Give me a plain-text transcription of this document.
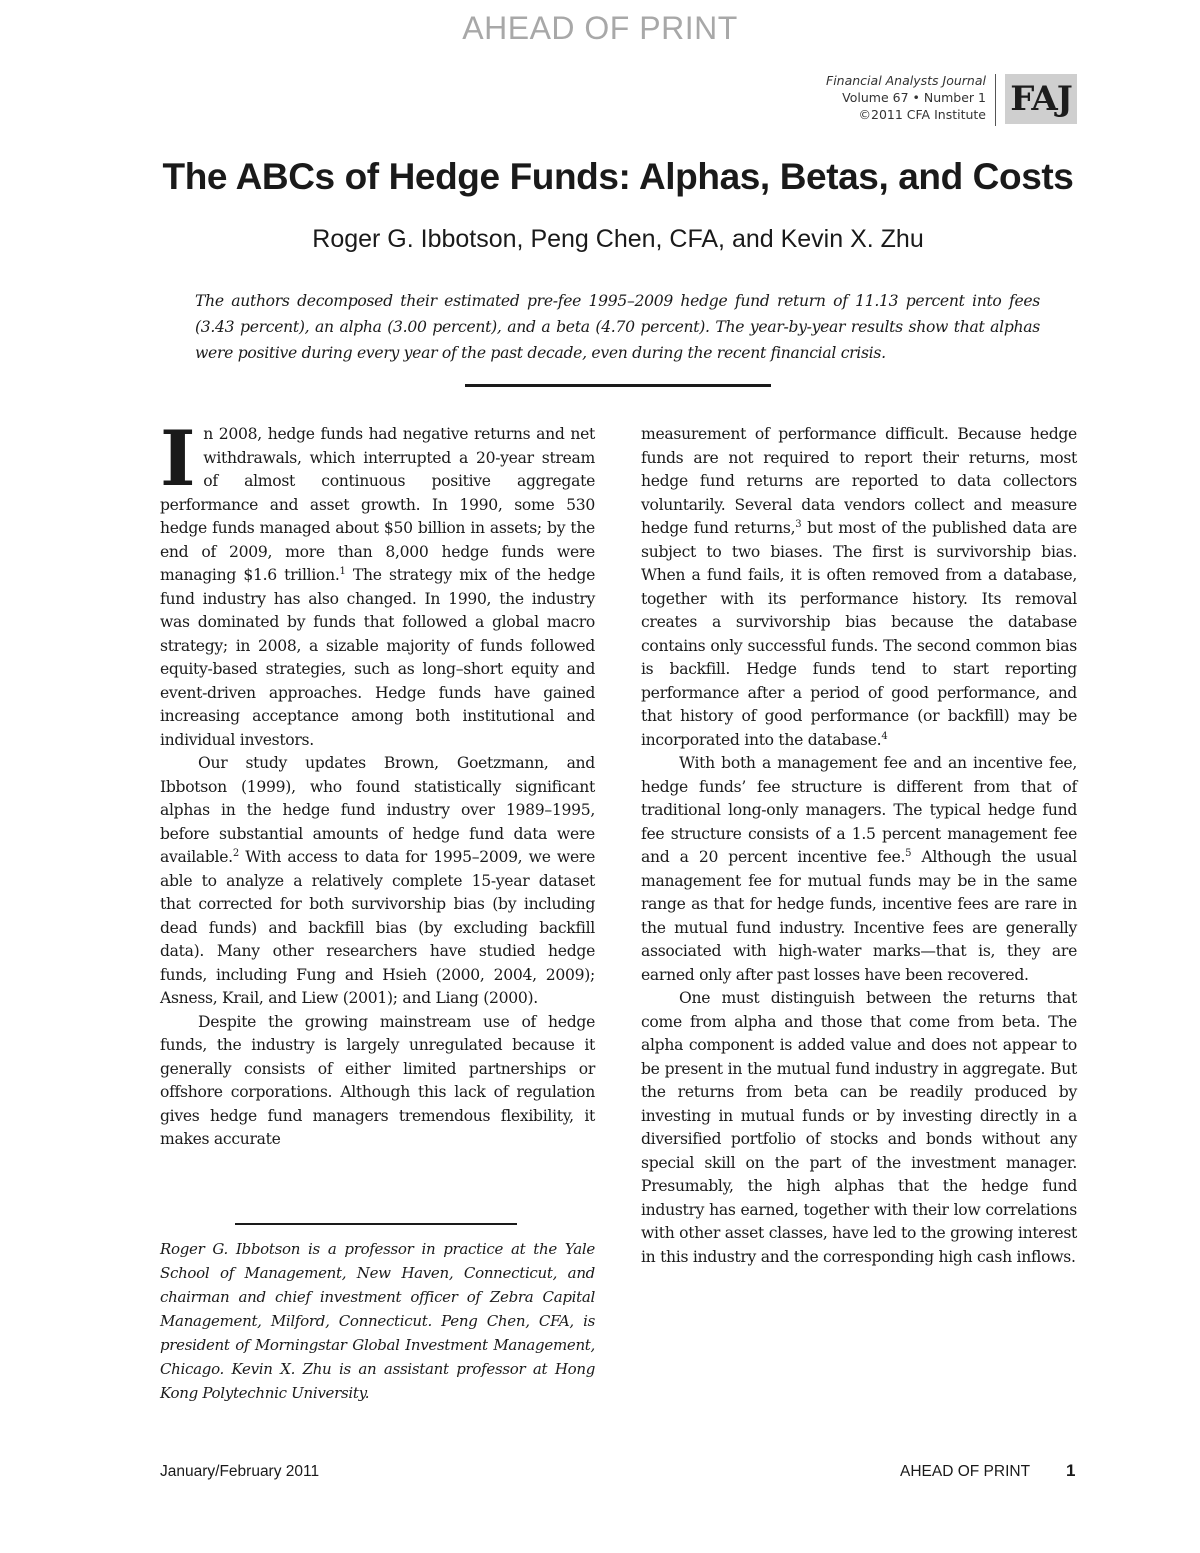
AHEAD OF PRINT
Financial Analysts Journal
Volume 67 • Number 1
©2011 CFA Institute FAJ
The ABCs of Hedge Funds: Alphas, Betas, and Costs
Roger G. Ibbotson, Peng Chen, CFA, and Kevin X. Zhu
The authors decomposed their estimated pre-fee 1995–2009 hedge fund return of 11.13 percent into fees (3.43 percent), an alpha (3.00 percent), and a beta (4.70 percent). The year-by-year results show that alphas were positive during every year of the past decade, even during the recent financial crisis.

In 2008, hedge funds had negative returns and net withdrawals, which interrupted a 20-year stream of almost continuous positive aggregate performance and asset growth. In 1990, some 530 hedge funds managed about $50 billion in assets; by the end of 2009, more than 8,000 hedge funds were managing $1.6 trillion.$^1$ The strategy mix of the hedge fund industry has also changed. In 1990, the industry was dominated by funds that followed a global macro strategy; in 2008, a sizable majority of funds followed equity-based strategies, such as long–short equity and event-driven approaches. Hedge funds have gained increasing acceptance among both institutional and individual investors.

Our study updates Brown, Goetzmann, and Ibbotson (1999), who found statistically significant alphas in the hedge fund industry over 1989–1995, before substantial amounts of hedge fund data were available.$^2$ With access to data for 1995–2009, we were able to analyze a relatively complete 15-year dataset that corrected for both survivorship bias (by including dead funds) and backfill bias (by excluding backfill data). Many other researchers have studied hedge funds, including Fung and Hsieh (2000, 2004, 2009); Asness, Krail, and Liew (2001); and Liang (2000).

Despite the growing mainstream use of hedge funds, the industry is largely unregulated because it generally consists of either limited partnerships or offshore corporations. Although this lack of regulation gives hedge fund managers tremendous flexibility, it makes accurate

measurement of performance difficult. Because hedge funds are not required to report their returns, most hedge fund returns are reported to data collectors voluntarily. Several data vendors collect and measure hedge fund returns,$^3$ but most of the published data are subject to two biases. The first is survivorship bias. When a fund fails, it is often removed from a database, together with its performance history. Its removal creates a survivorship bias because the database contains only successful funds. The second common bias is backfill. Hedge funds tend to start reporting performance after a period of good performance, and that history of good performance (or backfill) may be incorporated into the database.$^4$

With both a management fee and an incentive fee, hedge funds’ fee structure is different from that of traditional long-only managers. The typical hedge fund fee structure consists of a 1.5 percent management fee and a 20 percent incentive fee.$^5$ Although the usual management fee for mutual funds may be in the same range as that for hedge funds, incentive fees are rare in the mutual fund industry. Incentive fees are generally associated with high-water marks—that is, they are earned only after past losses have been recovered.

One must distinguish between the returns that come from alpha and those that come from beta. The alpha component is added value and does not appear to be present in the mutual fund industry in aggregate. But the returns from beta can be readily produced by investing in mutual funds or by investing directly in a diversified portfolio of stocks and bonds without any special skill on the part of the investment manager. Presumably, the high alphas that the hedge fund industry has earned, together with their low correlations with other asset classes, have led to the growing interest in this industry and the corresponding high cash inflows.

Roger G. Ibbotson is a professor in practice at the Yale School of Management, New Haven, Connecticut, and chairman and chief investment officer of Zebra Capital Management, Milford, Connecticut. Peng Chen, CFA, is president of Morningstar Global Investment Management, Chicago. Kevin X. Zhu is an assistant professor at Hong Kong Polytechnic University.
January/February 2011	AHEAD OF PRINT 1
